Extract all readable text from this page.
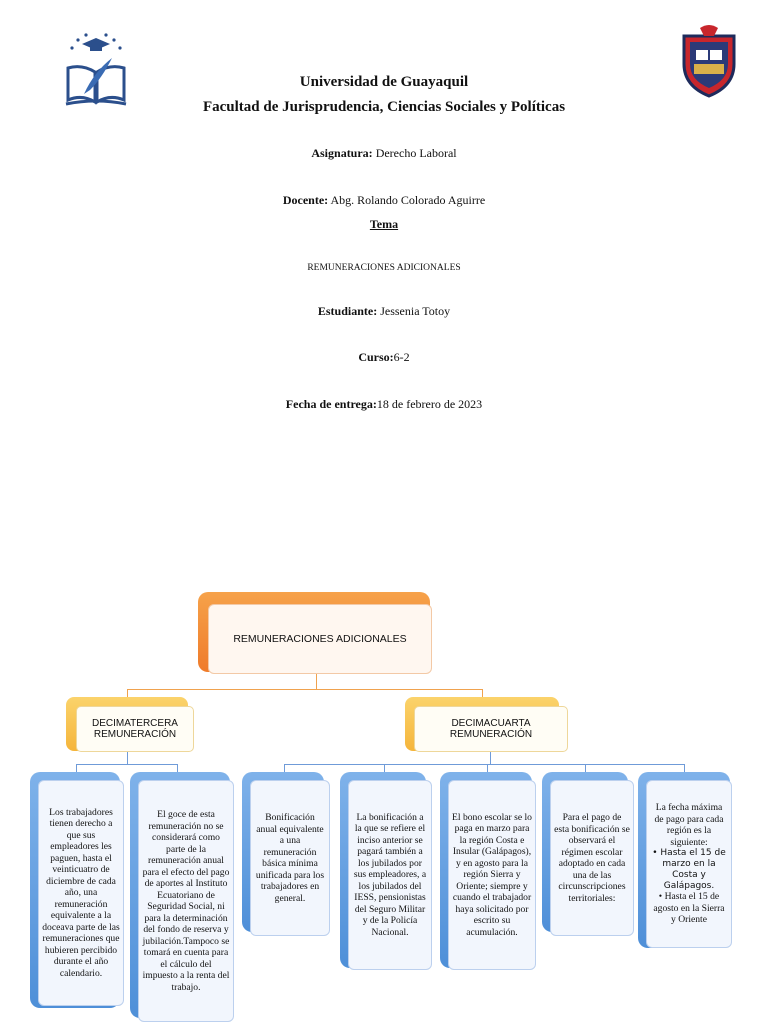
Universidad de Guayaquil
Facultad de Jurisprudencia, Ciencias Sociales y Políticas
Asignatura: Derecho Laboral
Docente: Abg. Rolando Colorado Aguirre
Tema
REMUNERACIONES ADICIONALES
Estudiante: Jessenia Totoy
Curso:6-2
Fecha de entrega:18 de febrero de 2023
REMUNERACIONES ADICIONALES
DECIMATERCERA REMUNERACIÓN
DECIMACUARTA REMUNERACIÓN
Los trabajadores tienen derecho a que sus empleadores les paguen, hasta el veinticuatro de diciembre de cada año, una remuneración equivalente a la doceava parte de las remuneraciones que hubieren percibido durante el año calendario.
El goce de esta remuneración no se considerará como parte de la remuneración anual para el efecto del pago de aportes al Instituto Ecuatoriano de Seguridad Social, ni para la determinación del fondo de reserva y jubilación.Tampoco se tomará en cuenta para el cálculo del impuesto a la renta del trabajo.
Bonificación anual equivalente a una remuneración básica mínima unificada para los trabajadores en general.
La bonificación a la que se refiere el inciso anterior se pagará también a los jubilados por sus empleadores, a los jubilados del IESS, pensionistas del Seguro Militar y de la Policía Nacional.
El bono escolar se lo paga en marzo para la región Costa e Insular (Galápagos), y en agosto para la región Sierra y Oriente; siempre y cuando el trabajador haya solicitado por escrito su acumulación.
Para el pago de esta bonificación se observará el régimen escolar adoptado en cada una de las circunscripciones territoriales:
La fecha máxima de pago para cada región es la siguiente:
• Hasta el 15 de marzo en la Costa y Galápagos.
• Hasta el 15 de agosto en la Sierra y Oriente
